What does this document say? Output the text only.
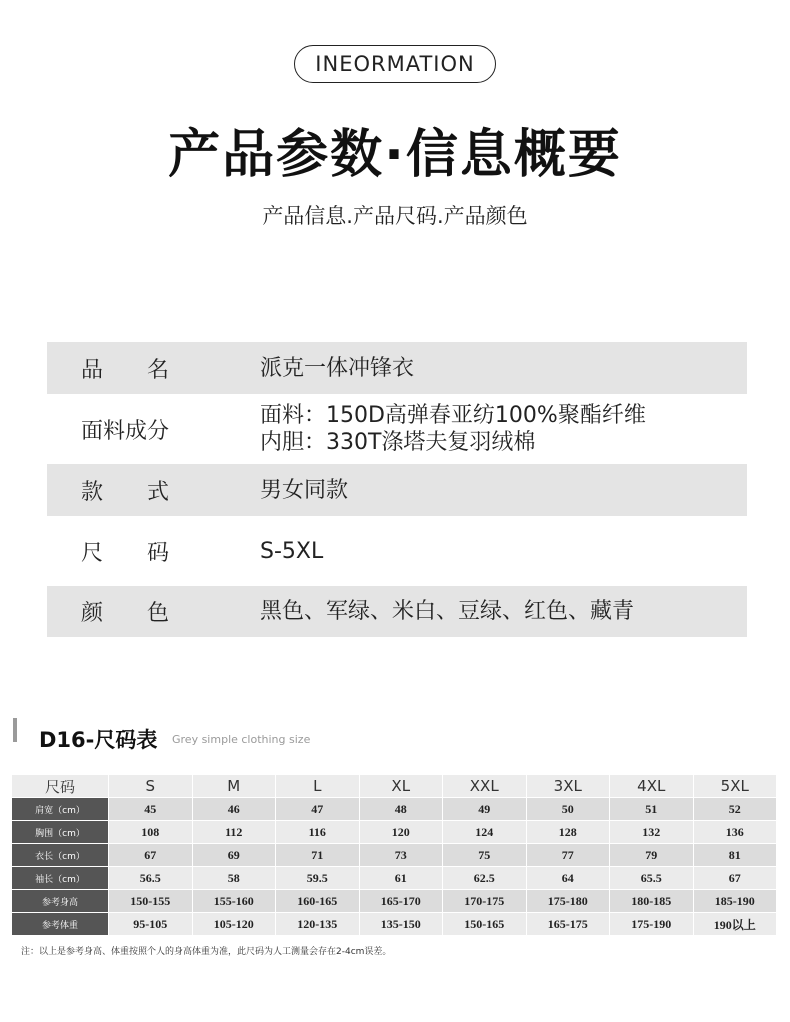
INEORMATION
产品参数·信息概要
产品信息.产品尺码.产品颜色
品　　名	派克一体冲锋衣
面料成分
面料：150D高弹春亚纺100%聚酯纤维
内胆：330T涤塔夫复羽绒棉
款　　式	男女同款
尺　　码	S-5XL
颜　　色	黑色、军绿、米白、豆绿、红色、藏青
D16-尺码表 Grey simple clothing size
尺码	S	M	L	XL	XXL	3XL	4XL	5XL
肩宽（cm）	45	46	47	48	49	50	51	52
胸围（cm）	108	112	116	120	124	128	132	136
衣长（cm）	67	69	71	73	75	77	79	81
袖长（cm）	56.5	58	59.5	61	62.5	64	65.5	67
参考身高	150-155	155-160	160-165	165-170	170-175	175-180	180-185	185-190
参考体重	95-105	105-120	120-135	135-150	150-165	165-175	175-190	190以上
注：以上是参考身高、体重按照个人的身高体重为准，此尺码为人工测量会存在2-4cm误差。
